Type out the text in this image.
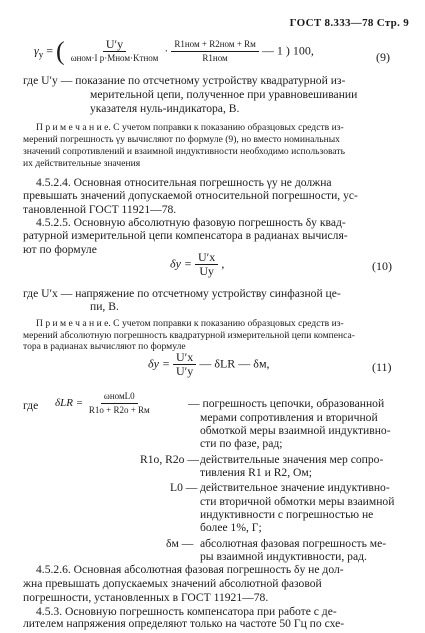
ГОСТ 8.333—78 Стр. 9
$\gamma_у$ = ( $\frac{U'у}{\text{ωном·I р·Mном·Kтном}} \cdot \frac{\text{R1ном + R2ном + Rм}}{\text{R1ном}}$ — 1 ) 100,	(9)
где U′у — показание по отсчетному устройству квадратурной из-
мерительной цепи, полученное при уравновешивании
указателя нуль-индикатора, В.
П р и м е ч а н и е. С учетом поправки к показанию образцовых средств из-
мерений погрешность γу вычисляют по формуле (9), но вместо номинальных
значений сопротивлений и взаимной индуктивности необходимо использовать
их действительные значения
4.5.2.4. Основная относительная погрешность γу не должна
превышать значений допускаемой относительной погрешности, ус-
тановленной ГОСТ 11921—78.
4.5.2.5. Основную абсолютную фазовую погрешность δу квад-
ратурной измерительной цепи компенсатора в радианах вычисля-
ют по формуле
$\delta у = \frac{U'x}{Uу}$ ,	(10)
где U′x — напряжение по отсчетному устройству синфазной це-
пи, В.
П р и м е ч а н и е. С учетом поправки к показанию образцовых средств из-
мерений абсолютную погрешность квадратурной измерительной цепи компенса-
тора в радианах вычисляют по формуле
$\delta у = \frac{U'x}{U'у}$ — δLR — δм,	(11)
где $\delta LR = \frac{\text{ωномL0}}{R1o + R2o + Rм}$	— погрешность цепочки, образованной
мерами сопротивления и вторичной
обмоткой меры взаимной индуктивно-
сти по фазе, рад;
R1o, R2o — действительные значения мер сопро-
тивления R1 и R2, Ом;
L0 — действительное значение индуктивно-
сти вторичной обмотки меры взаимной
индуктивности с погрешностью не
более 1%, Г;
δм — абсолютная фазовая погрешность ме-
ры взаимной индуктивности, рад.
4.5.2.6. Основная абсолютная фазовая погрешность δу не дол-
жна превышать допускаемых значений абсолютной фазовой
погрешности, установленных в ГОСТ 11921—78.
4.5.3. Основную погрешность компенсатора при работе с де-
лителем напряжения определяют только на частоте 50 Гц по схе-
